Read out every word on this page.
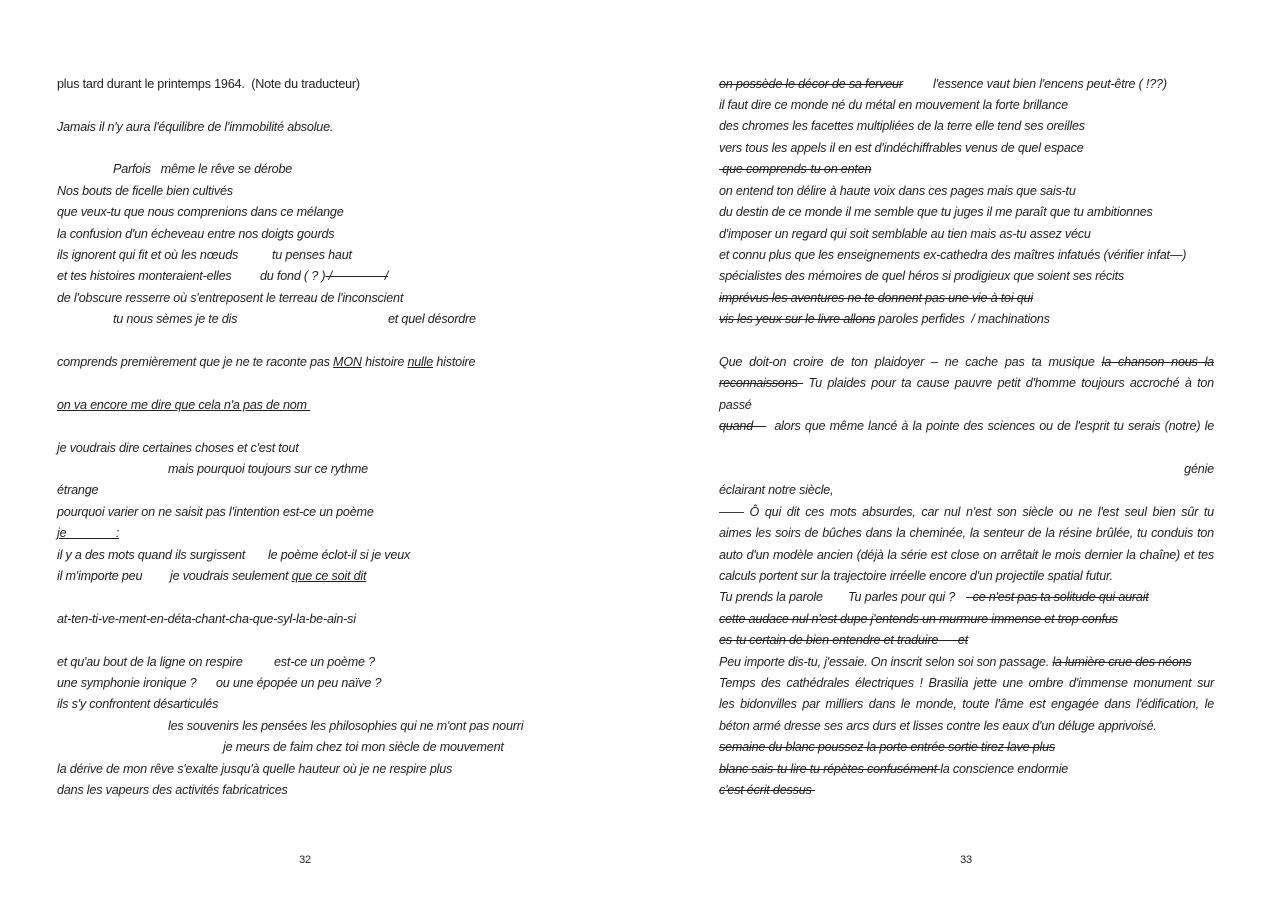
plus tard durant le printemps 1964.  (Note du traducteur)
Jamais il n'y aura l'équilibre de l'immobilité absolue.
Parfois   même le rêve se dérobe
Nos bouts de ficelle bien cultivés
que veux-tu que nous comprenions dans ce mélange
la confusion d'un écheveau entre nos doigts gourds
ils ignorent qui fit et où les nœuds	tu penses haut
et tes histoires monteraient-elles du fond ( ? ) /                /
de l'obscure resserre où s'entreposent le terreau de l'inconscient
tu nous sèmes je te dis	et quel désordre
comprends premièrement que je ne te raconte pas MON histoire nulle histoire
on va encore me dire que cela n'a pas de nom
je voudrais dire certaines choses et c'est tout
mais pourquoi toujours sur ce rythme
étrange
pourquoi varier on ne saisit pas l'intention est-ce un poème
je               :
il y a des mots quand ils surgissent le poème éclot-il si je veux
il m'importe peu je voudrais seulement que ce soit dit
at-ten-ti-ve-ment-en-déta-chant-cha-que-syl-la-be-ain-si
et qu'au bout de la ligne on respire est-ce un poème ?
une symphonie ironique ? ou une épopée un peu naïve ?
ils s'y confrontent désarticulés
les souvenirs les pensées les philosophies qui ne m'ont pas nourri
je meurs de faim chez toi mon siècle de mouvement
la dérive de mon rêve s'exalte jusqu'à quelle hauteur où je ne respire plus
dans les vapeurs des activités fabricatrices
32
on possède le décor de sa ferveur l'essence vaut bien l'encens peut-être ( !??)
il faut dire ce monde né du métal en mouvement la forte brillance
des chromes les facettes multipliées de la terre elle tend ses oreilles
vers tous les appels il en est d'indéchiffrables venus de quel espace
que comprends-tu on enten
on entend ton délire à haute voix dans ces pages mais que sais-tu
du destin de ce monde il me semble que tu juges il me paraît que tu ambitionnes
d'imposer un regard qui soit semblable au tien mais as-tu assez vécu
et connu plus que les enseignements ex-cathedra des maîtres infatués (vérifier infat—)
spécialistes des mémoires de quel héros si prodigieux que soient ses récits
imprévus les aventures ne te donnent pas une vie à toi qui
vis les yeux sur le livre allons paroles perfides  / machinations
Que doit-on croire de ton plaidoyer – ne cache pas ta musique la chanson nous la
reconnaissons  Tu plaides pour ta cause pauvre petit d'homme toujours accroché à ton
passé
quand     alors que même lancé à la pointe des sciences ou de l'esprit tu serais (notre) le
génie
éclairant notre siècle,
—— Ô qui dit ces mots absurdes, car nul n'est son siècle ou ne l'est seul bien sûr tu
aimes les soirs de bûches dans la cheminée, la senteur de la résine brûlée, tu conduis ton
auto d'un modèle ancien (déjà la série est close on arrêtait le mois dernier la chaîne) et tes
calculs portent sur la trajectoire irréelle encore d'un projectile spatial futur.
Tu prends la parole Tu parles pour qui ? ce n'est pas ta solitude qui aurait
cette audace nul n'est dupe j'entends un murmure immense et trop confus
es-tu certain de bien entendre et traduire      et
Peu importe dis-tu, j'essaie. On inscrit selon soi son passage. la lumière crue des néons
Temps des cathédrales électriques ! Brasilia jette une ombre d'immense monument sur
les bidonvilles par milliers dans le monde, toute l'âme est engagée dans l'édification, le
béton armé dresse ses arcs durs et lisses contre les eaux d'un déluge apprivoisé.
semaine du blanc poussez la porte entrée sortie tirez lave plus
blanc sais-tu lire tu répètes confusément la conscience endormie
c'est écrit dessus
33
